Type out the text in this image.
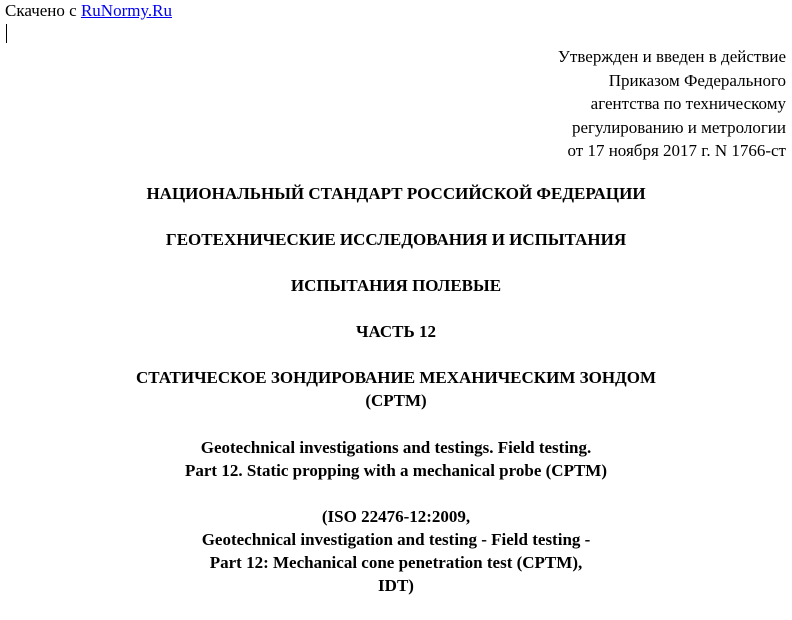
Скачено с RuNormy.Ru
Утвержден и введен в действие
Приказом Федерального
агентства по техническому
регулированию и метрологии
от 17 ноября 2017 г. N 1766-ст
НАЦИОНАЛЬНЫЙ СТАНДАРТ РОССИЙСКОЙ ФЕДЕРАЦИИ
ГЕОТЕХНИЧЕСКИЕ ИССЛЕДОВАНИЯ И ИСПЫТАНИЯ
ИСПЫТАНИЯ ПОЛЕВЫЕ
ЧАСТЬ 12
СТАТИЧЕСКОЕ ЗОНДИРОВАНИЕ МЕХАНИЧЕСКИМ ЗОНДОМ
(CPTM)
Geotechnical investigations and testings. Field testing.
Part 12. Static propping with a mechanical probe (CPTM)
(ISO 22476-12:2009,
Geotechnical investigation and testing - Field testing -
Part 12: Mechanical cone penetration test (CPTM),
IDT)
